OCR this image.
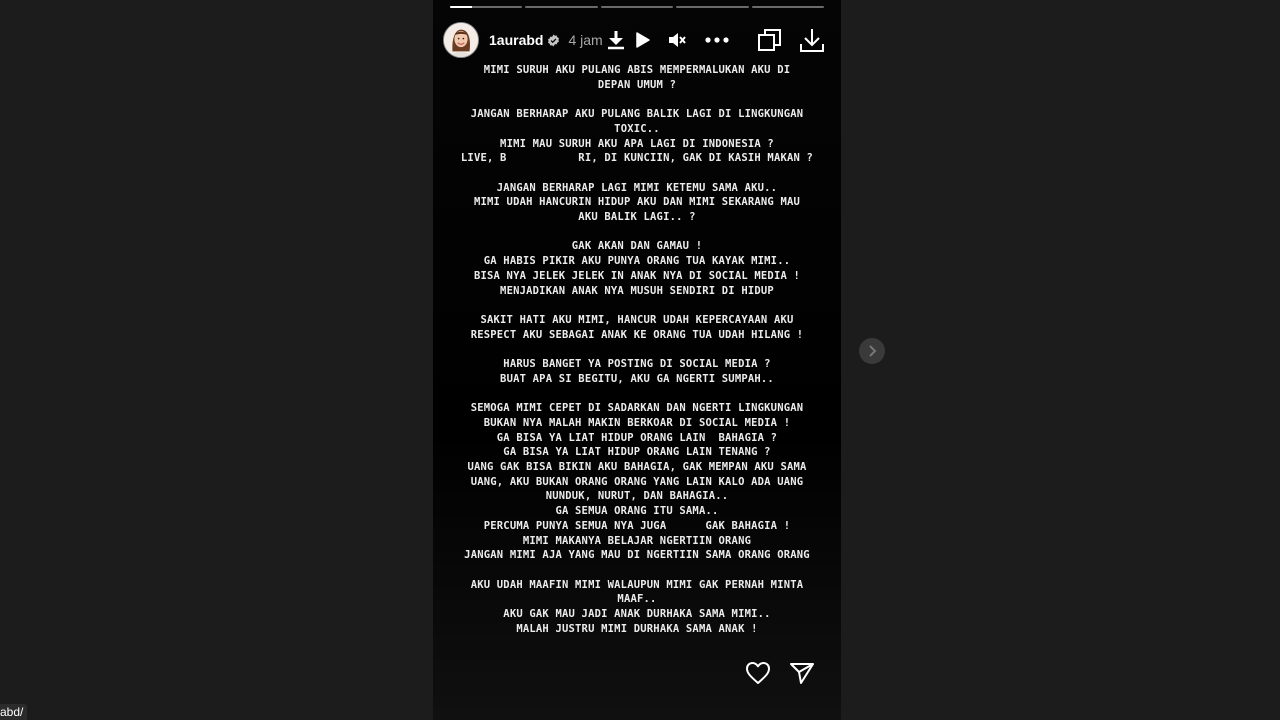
1aurabd 4 jam
MIMI SURUH AKU PULANG ABIS MEMPERMALUKAN AKU DI
DEPAN UMUM ?

JANGAN BERHARAP AKU PULANG BALIK LAGI DI LINGKUNGAN
TOXIC..
MIMI MAU SURUH AKU APA LAGI DI INDONESIA ?
LIVE, B           RI, DI KUNCIIN, GAK DI KASIH MAKAN ?

JANGAN BERHARAP LAGI MIMI KETEMU SAMA AKU..
MIMI UDAH HANCURIN HIDUP AKU DAN MIMI SEKARANG MAU
AKU BALIK LAGI.. ?

GAK AKAN DAN GAMAU !
GA HABIS PIKIR AKU PUNYA ORANG TUA KAYAK MIMI..
BISA NYA JELEK JELEK IN ANAK NYA DI SOCIAL MEDIA !
MENJADIKAN ANAK NYA MUSUH SENDIRI DI HIDUP

SAKIT HATI AKU MIMI, HANCUR UDAH KEPERCAYAAN AKU
RESPECT AKU SEBAGAI ANAK KE ORANG TUA UDAH HILANG !

HARUS BANGET YA POSTING DI SOCIAL MEDIA ?
BUAT APA SI BEGITU, AKU GA NGERTI SUMPAH..

SEMOGA MIMI CEPET DI SADARKAN DAN NGERTI LINGKUNGAN
BUKAN NYA MALAH MAKIN BERKOAR DI SOCIAL MEDIA !
GA BISA YA LIAT HIDUP ORANG LAIN  BAHAGIA ?
GA BISA YA LIAT HIDUP ORANG LAIN TENANG ?
UANG GAK BISA BIKIN AKU BAHAGIA, GAK MEMPAN AKU SAMA
UANG, AKU BUKAN ORANG ORANG YANG LAIN KALO ADA UANG
NUNDUK, NURUT, DAN BAHAGIA..
GA SEMUA ORANG ITU SAMA..
PERCUMA PUNYA SEMUA NYA JUGA      GAK BAHAGIA !
MIMI MAKANYA BELAJAR NGERTIIN ORANG
JANGAN MIMI AJA YANG MAU DI NGERTIIN SAMA ORANG ORANG

AKU UDAH MAAFIN MIMI WALAUPUN MIMI GAK PERNAH MINTA
MAAF..
AKU GAK MAU JADI ANAK DURHAKA SAMA MIMI..
MALAH JUSTRU MIMI DURHAKA SAMA ANAK !
abd/
